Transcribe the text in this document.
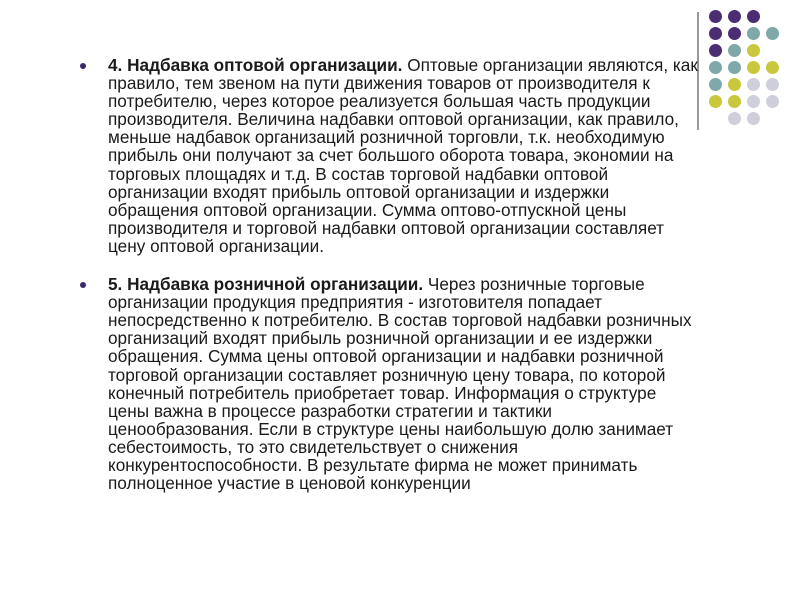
4. Надбавка оптовой организации. Оптовые организации являются, как правило, тем звеном на пути движения товаров от производителя к потребителю, через которое реализуется большая часть продукции производителя. Величина надбавки оптовой организации, как правило, меньше надбавок организаций розничной торговли, т.к. необходимую прибыль они получают за счет большого оборота товара, экономии на торговых площадях и т.д. В состав торговой надбавки оптовой организации входят прибыль оптовой организации и издержки обращения оптовой организации. Сумма оптово-отпускной цены производителя и торговой надбавки оптовой организации составляет цену оптовой организации.
5. Надбавка розничной организации. Через розничные торговые организации продукция предприятия - изготовителя попадает непосредственно к потребителю. В состав торговой надбавки розничных организаций входят прибыль розничной организации и ее издержки обращения. Сумма цены оптовой организации и надбавки розничной торговой организации составляет розничную цену товара, по которой конечный потребитель приобретает товар. Информация о структуре цены важна в процессе разработки стратегии и тактики ценообразования. Если в структуре цены наибольшую долю занимает себестоимость, то это свидетельствует о снижения конкурентоспособности. В результате фирма не может принимать полноценное участие в ценовой конкуренции
